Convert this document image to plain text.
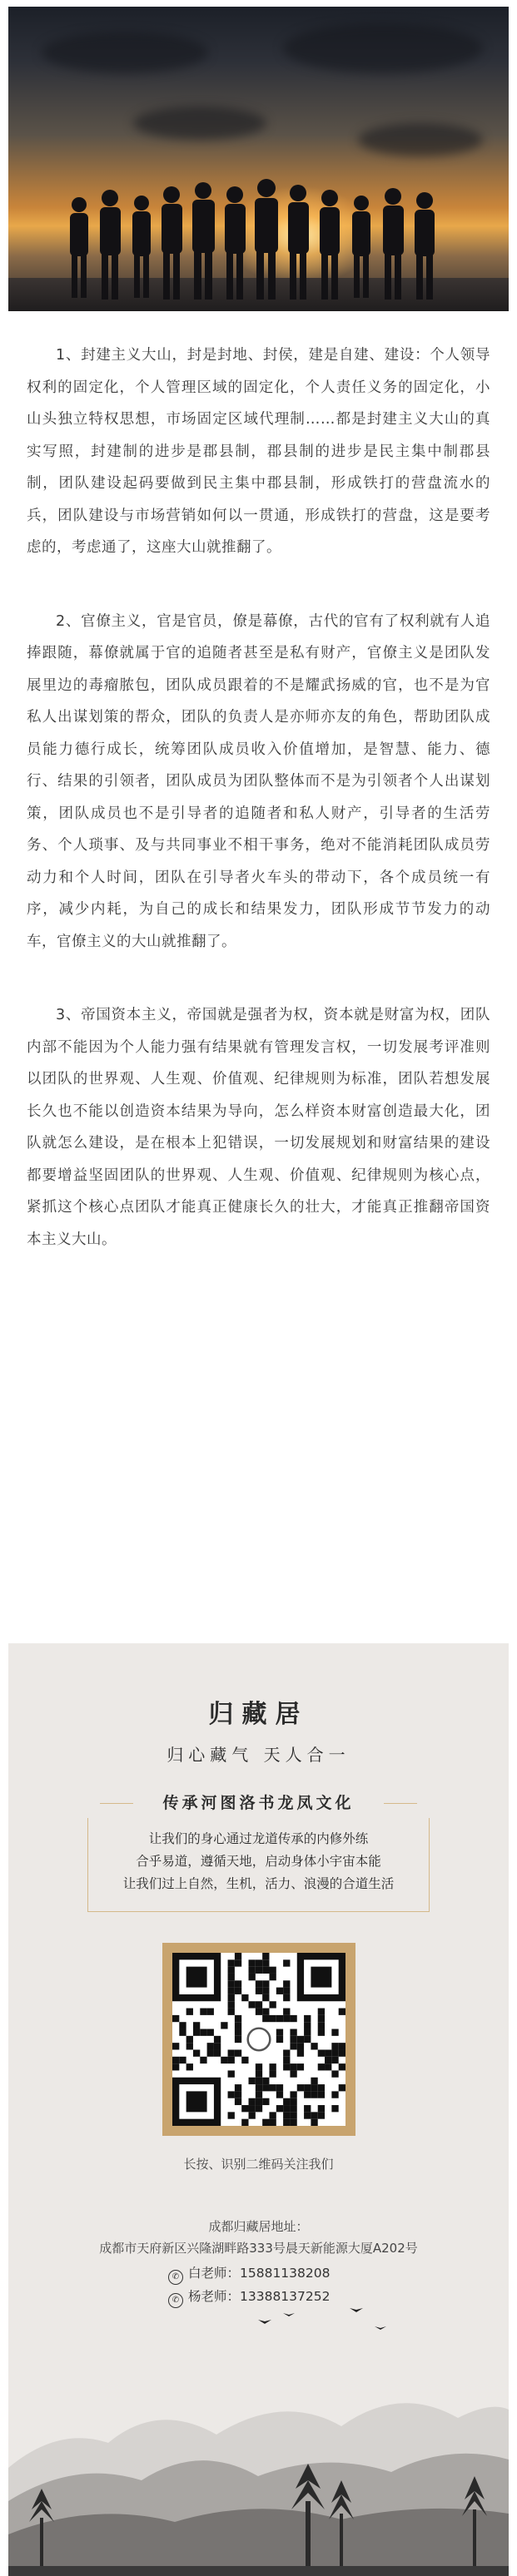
1、封建主义大山，封是封地、封侯，建是自建、建设：个人领导权利的固定化，个人管理区域的固定化，个人责任义务的固定化，小山头独立特权思想，市场固定区域代理制……都是封建主义大山的真实写照，封建制的进步是郡县制，郡县制的进步是民主集中制郡县制，团队建设起码要做到民主集中郡县制，形成铁打的营盘流水的兵，团队建设与市场营销如何以一贯通，形成铁打的营盘，这是要考虑的，考虑通了，这座大山就推翻了。

2、官僚主义，官是官员，僚是幕僚，古代的官有了权利就有人追捧跟随，幕僚就属于官的追随者甚至是私有财产，官僚主义是团队发展里边的毒瘤脓包，团队成员跟着的不是耀武扬威的官，也不是为官私人出谋划策的帮众，团队的负责人是亦师亦友的角色，帮助团队成员能力德行成长，统筹团队成员收入价值增加，是智慧、能力、德行、结果的引领者，团队成员为团队整体而不是为引领者个人出谋划策，团队成员也不是引导者的追随者和私人财产，引导者的生活劳务、个人琐事、及与共同事业不相干事务，绝对不能消耗团队成员劳动力和个人时间，团队在引导者火车头的带动下，各个成员统一有序，减少内耗，为自己的成长和结果发力，团队形成节节发力的动车，官僚主义的大山就推翻了。

3、帝国资本主义，帝国就是强者为权，资本就是财富为权，团队内部不能因为个人能力强有结果就有管理发言权，一切发展考评准则以团队的世界观、人生观、价值观、纪律规则为标准，团队若想发展长久也不能以创造资本结果为导向，怎么样资本财富创造最大化，团队就怎么建设，是在根本上犯错误，一切发展规划和财富结果的建设都要增益坚固团队的世界观、人生观、价值观、纪律规则为核心点，紧抓这个核心点团队才能真正健康长久的壮大，才能真正推翻帝国资本主义大山。

归藏居
归心藏气 天人合一
传承河图洛书龙凤文化
让我们的身心通过龙道传承的内修外练
合乎易道，遵循天地，启动身体小宇宙本能
让我们过上自然，生机，活力、浪漫的合道生活
长按、识别二维码关注我们
成都归藏居地址：
成都市天府新区兴隆湖畔路333号晨天新能源大厦A202号
✆ 白老师：15881138208
✆ 杨老师：13388137252
